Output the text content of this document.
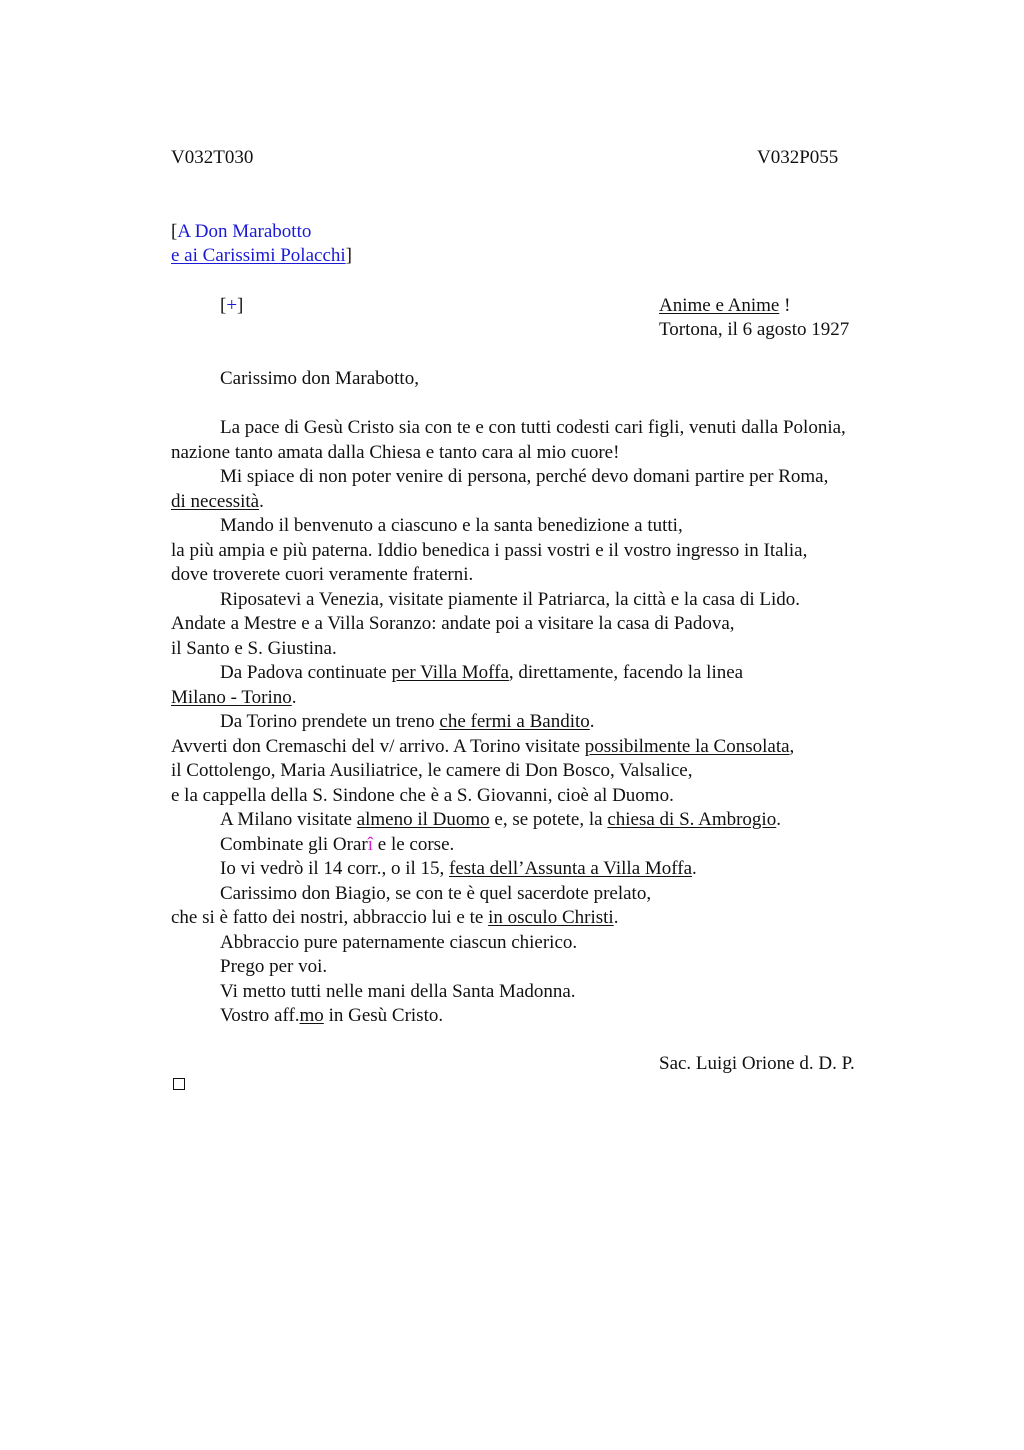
V032T030	V032P055
[A Don Marabotto
e ai Carissimi Polacchi]
[+]	Anime e Anime !
Tortona, il 6 agosto 1927
Carissimo don Marabotto,
La pace di Gesù Cristo sia con te e con tutti codesti cari figli, venuti dalla Polonia,
nazione tanto amata dalla Chiesa e tanto cara al mio cuore!
Mi spiace di non poter venire di persona, perché devo domani partire per Roma,
di necessità.
Mando il benvenuto a ciascuno e la santa benedizione a tutti,
la più ampia e più paterna. Iddio benedica i passi vostri e il vostro ingresso in Italia,
dove troverete cuori veramente fraterni.
Riposatevi a Venezia, visitate piamente il Patriarca, la città e la casa di Lido.
Andate a Mestre e a Villa Soranzo: andate poi a visitare la casa di Padova,
il Santo e S. Giustina.
Da Padova continuate per Villa Moffa, direttamente, facendo la linea
Milano - Torino.
Da Torino prendete un treno che fermi a Bandito.
Avverti don Cremaschi del v/ arrivo. A Torino visitate possibilmente la Consolata,
il Cottolengo, Maria Ausiliatrice, le camere di Don Bosco, Valsalice,
e la cappella della S. Sindone che è a S. Giovanni, cioè al Duomo.
A Milano visitate almeno il Duomo e, se potete, la chiesa di S. Ambrogio.
Combinate gli Orarî e le corse.
Io vi vedrò il 14 corr., o il 15, festa dell’Assunta a Villa Moffa.
Carissimo don Biagio, se con te è quel sacerdote prelato,
che si è fatto dei nostri, abbraccio lui e te in osculo Christi.
Abbraccio pure paternamente ciascun chierico.
Prego per voi.
Vi metto tutti nelle mani della Santa Madonna.
Vostro aff.mo in Gesù Cristo.
Sac. Luigi Orione d. D. P.
